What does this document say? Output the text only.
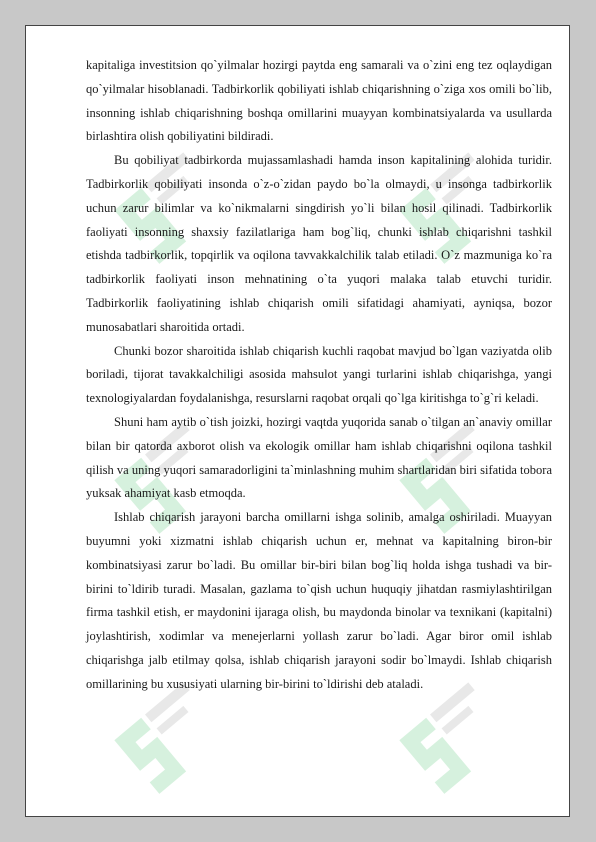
kapitaliga investitsion qo`yilmalar hozirgi paytda eng samarali va o`zini eng tez oqlaydigan qo`yilmalar hisoblanadi. Tadbirkorlik qobiliyati ishlab chiqarishning o`ziga xos omili bo`lib, insonning ishlab chiqarishning boshqa omillarini muayyan kombinatsiyalarda va usullarda birlashtira olish qobiliyatini bildiradi.

Bu qobiliyat tadbirkorda mujassamlashadi hamda inson kapitalining alohida turidir. Tadbirkorlik qobiliyati insonda o`z-o`zidan paydo bo`la olmaydi, u insonga tadbirkorlik uchun zarur bilimlar va ko`nikmalarni singdirish yo`li bilan hosil qilinadi. Tadbirkorlik faoliyati insonning shaxsiy fazilatlariga ham bog`liq, chunki ishlab chiqarishni tashkil etishda tadbirkorlik, topqirlik va oqilona tavvakkalchilik talab etiladi. O`z mazmuniga ko`ra tadbirkorlik faoliyati inson mehnatining o`ta yuqori malaka talab etuvchi turidir. Tadbirkorlik faoliyatining ishlab chiqarish omili sifatidagi ahamiyati, ayniqsa, bozor munosabatlari sharoitida ortadi.

Chunki bozor sharoitida ishlab chiqarish kuchli raqobat mavjud bo`lgan vaziyatda olib boriladi, tijorat tavakkalchiligi asosida mahsulot yangi turlarini ishlab chiqarishga, yangi texnologiyalardan foydalanishga, resurslarni raqobat orqali qo`lga kiritishga to`g`ri keladi.

Shuni ham aytib o`tish joizki, hozirgi vaqtda yuqorida sanab o`tilgan an`anaviy omillar bilan bir qatorda axborot olish va ekologik omillar ham ishlab chiqarishni oqilona tashkil qilish va uning yuqori samaradorligini ta`minlashning muhim shartlaridan biri sifatida tobora yuksak ahamiyat kasb etmoqda.

Ishlab chiqarish jarayoni barcha omillarni ishga solinib, amalga oshiriladi. Muayyan buyumni yoki xizmatni ishlab chiqarish uchun er, mehnat va kapitalning biron-bir kombinatsiyasi zarur bo`ladi. Bu omillar bir-biri bilan bog`liq holda ishga tushadi va bir-birini to`ldirib turadi. Masalan, gazlama to`qish uchun huquqiy jihatdan rasmiylashtirilgan firma tashkil etish, er maydonini ijaraga olish, bu maydonda binolar va texnikani (kapitalni) joylashtirish, xodimlar va menejerlarni yollash zarur bo`ladi. Agar biror omil ishlab chiqarishga jalb etilmay qolsa, ishlab chiqarish jarayoni sodir bo`lmaydi. Ishlab chiqarish omillarining bu xususiyati ularning bir-birini to`ldirishi deb ataladi.
